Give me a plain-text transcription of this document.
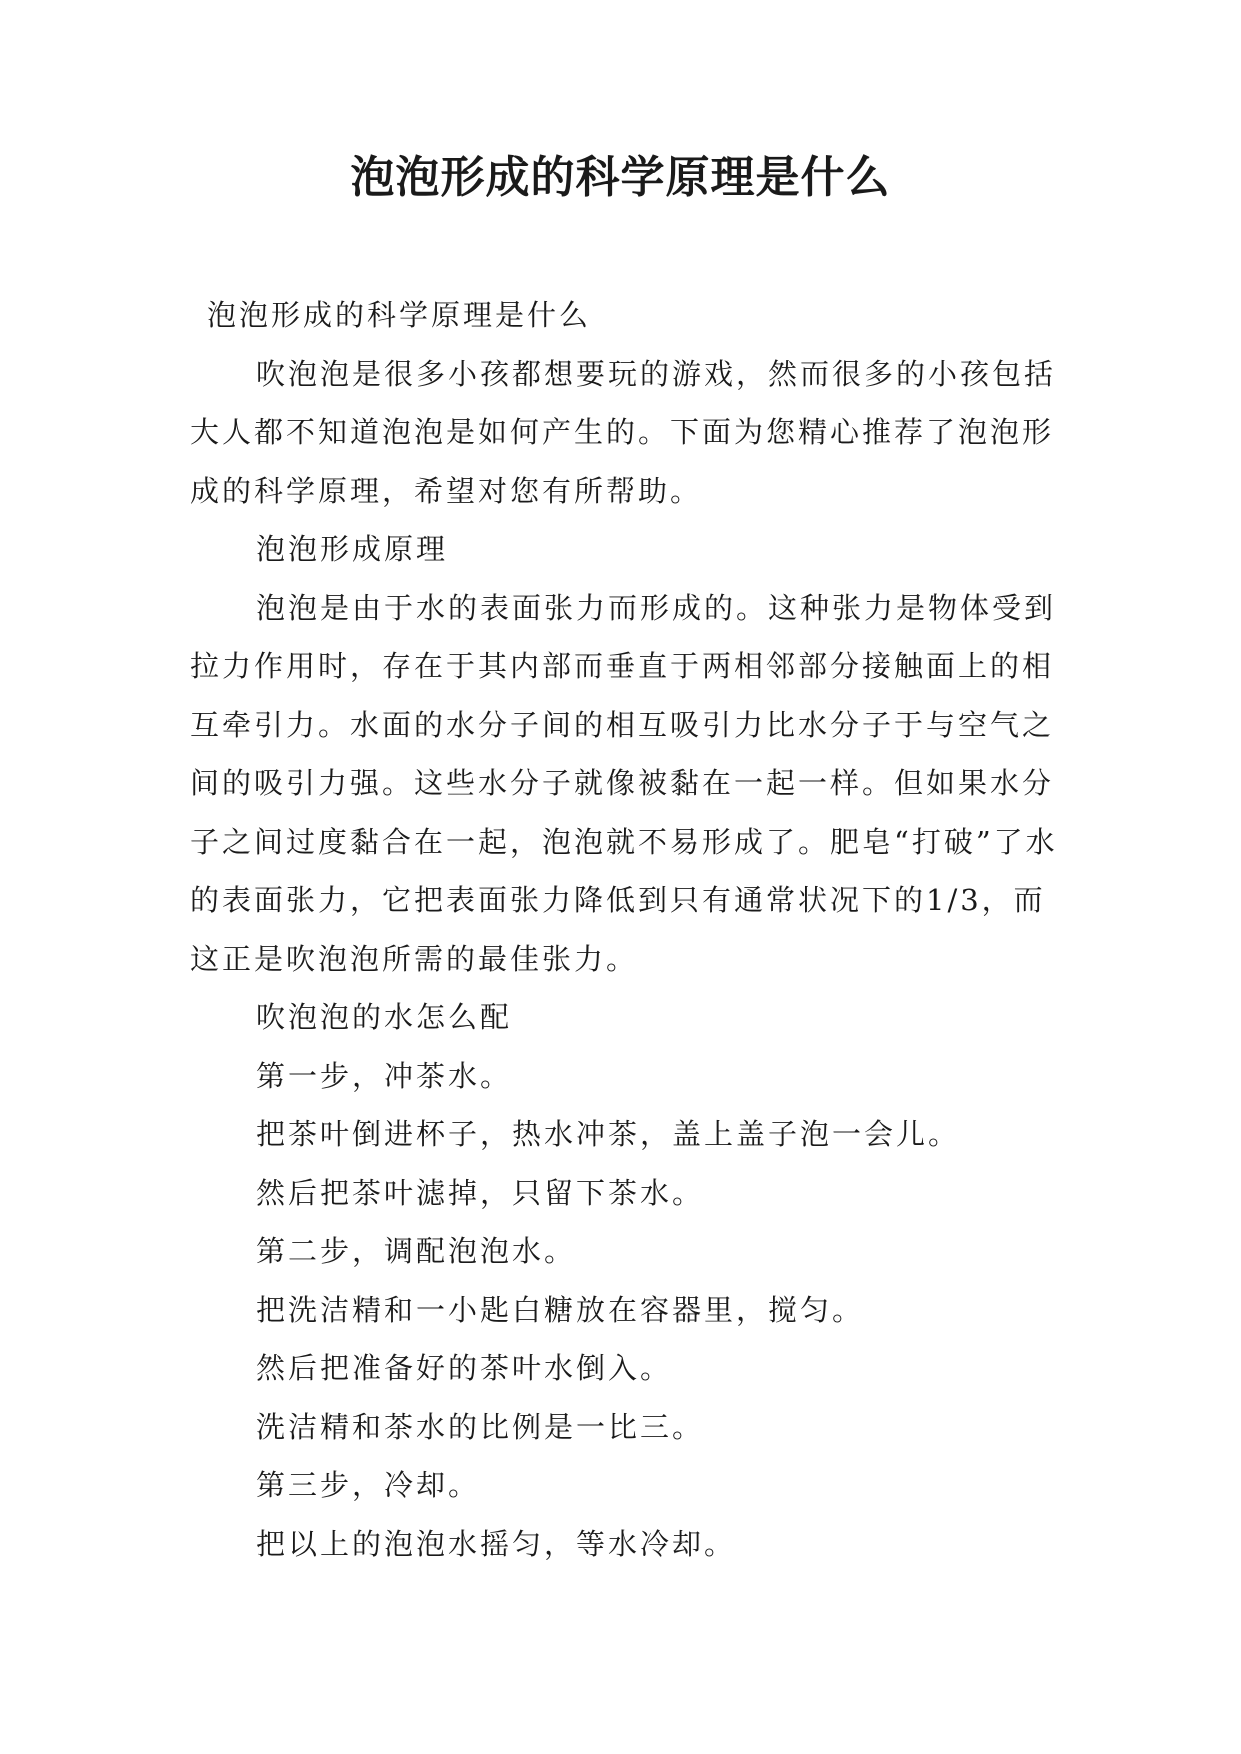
泡泡形成的科学原理是什么

泡泡形成的科学原理是什么

吹泡泡是很多小孩都想要玩的游戏，然而很多的小孩包括大人都不知道泡泡是如何产生的。下面为您精心推荐了泡泡形成的科学原理，希望对您有所帮助。

泡泡形成原理

泡泡是由于水的表面张力而形成的。这种张力是物体受到拉力作用时，存在于其内部而垂直于两相邻部分接触面上的相互牵引力。水面的水分子间的相互吸引力比水分子于与空气之间的吸引力强。这些水分子就像被黏在一起一样。但如果水分子之间过度黏合在一起，泡泡就不易形成了。肥皂“打破”了水的表面张力，它把表面张力降低到只有通常状况下的1/3，而这正是吹泡泡所需的最佳张力。

吹泡泡的水怎么配

第一步，冲茶水。

把茶叶倒进杯子，热水冲茶，盖上盖子泡一会儿。

然后把茶叶滤掉，只留下茶水。

第二步，调配泡泡水。

把洗洁精和一小匙白糖放在容器里，搅匀。

然后把准备好的茶叶水倒入。

洗洁精和茶水的比例是一比三。

第三步，冷却。

把以上的泡泡水摇匀，等水冷却。
